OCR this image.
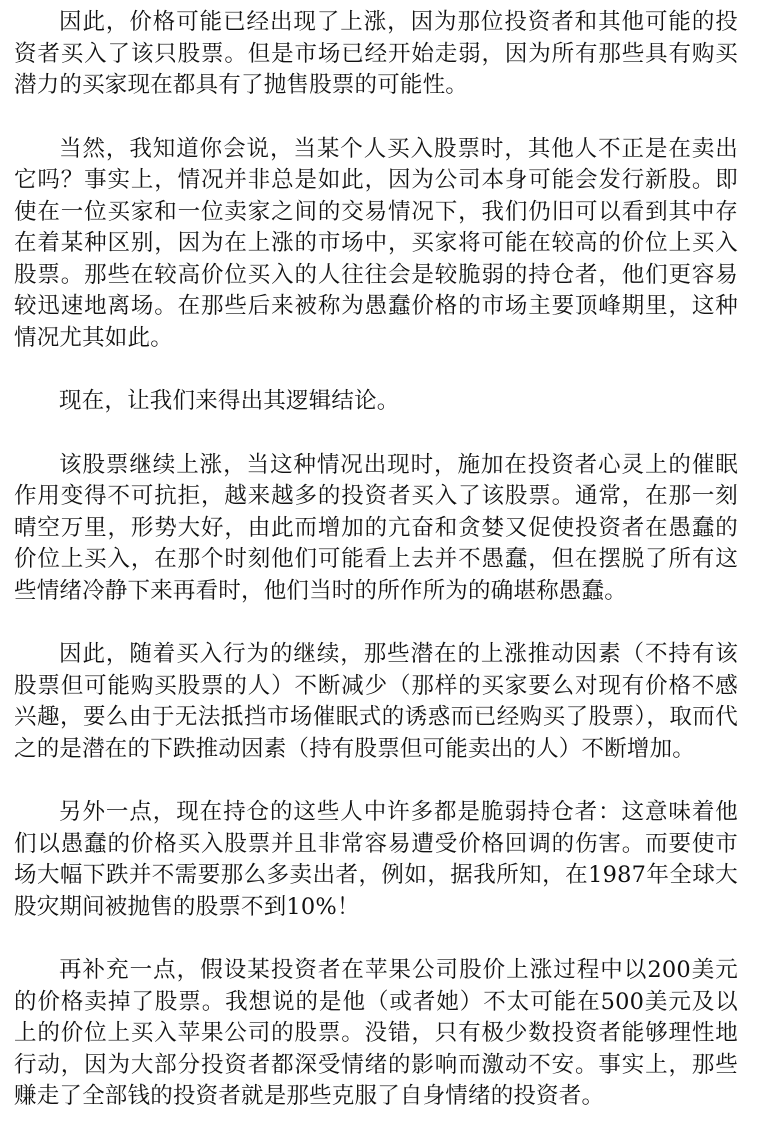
因此，价格可能已经出现了上涨，因为那位投资者和其他可能的投资者买入了该只股票。但是市场已经开始走弱，因为所有那些具有购买潜力的买家现在都具有了抛售股票的可能性。

当然，我知道你会说，当某个人买入股票时，其他人不正是在卖出它吗？事实上，情况并非总是如此，因为公司本身可能会发行新股。即使在一位买家和一位卖家之间的交易情况下，我们仍旧可以看到其中存在着某种区别，因为在上涨的市场中，买家将可能在较高的价位上买入股票。那些在较高价位买入的人往往会是较脆弱的持仓者，他们更容易较迅速地离场。在那些后来被称为愚蠢价格的市场主要顶峰期里，这种情况尤其如此。

现在，让我们来得出其逻辑结论。

该股票继续上涨，当这种情况出现时，施加在投资者心灵上的催眠作用变得不可抗拒，越来越多的投资者买入了该股票。通常，在那一刻晴空万里，形势大好，由此而增加的亢奋和贪婪又促使投资者在愚蠢的价位上买入，在那个时刻他们可能看上去并不愚蠢，但在摆脱了所有这些情绪冷静下来再看时，他们当时的所作所为的确堪称愚蠢。

因此，随着买入行为的继续，那些潜在的上涨推动因素（不持有该股票但可能购买股票的人）不断减少（那样的买家要么对现有价格不感兴趣，要么由于无法抵挡市场催眠式的诱惑而已经购买了股票），取而代之的是潜在的下跌推动因素（持有股票但可能卖出的人）不断增加。

另外一点，现在持仓的这些人中许多都是脆弱持仓者：这意味着他们以愚蠢的价格买入股票并且非常容易遭受价格回调的伤害。而要使市场大幅下跌并不需要那么多卖出者，例如，据我所知，在1987年全球大股灾期间被抛售的股票不到10%！

再补充一点，假设某投资者在苹果公司股价上涨过程中以200美元的价格卖掉了股票。我想说的是他（或者她）不太可能在500美元及以上的价位上买入苹果公司的股票。没错，只有极少数投资者能够理性地行动，因为大部分投资者都深受情绪的影响而激动不安。事实上，那些赚走了全部钱的投资者就是那些克服了自身情绪的投资者。
